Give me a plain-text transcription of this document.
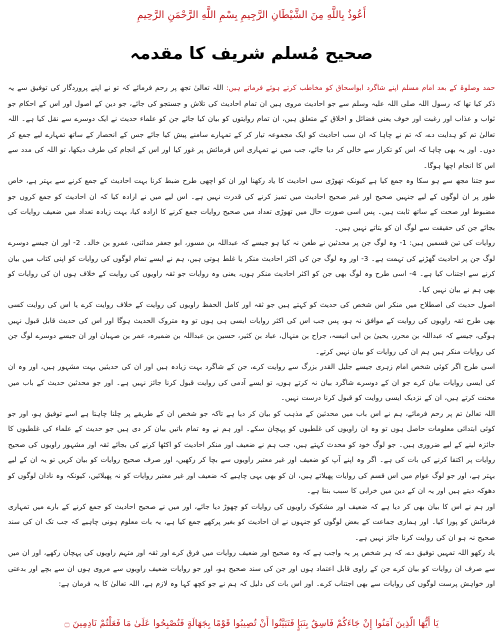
أَعُوذُ بِاللَّهِ مِنَ الشَّيْطَانِ الرَّجِيمِ بِسْمِ اللَّهِ الرَّحْمَنِ الرَّحِيمِ
صحیح مُسلم شریف کا مقدمہ

حمد وصلوۃ کے بعد امام مسلم اپنے شاگرد ابواسحاق کو مخاطب کرتے ہوئے فرماتے ہیں: اللہ تعالیٰ تجھ پر رحم فرمائے کہ تو نے اپنے پروردگار کی توفیق سے یہ ذکر کیا تھا کہ رسول اللہ صلی اللہ علیہ وسلم سے جو احادیث مروی ہیں ان تمام احادیث کی تلاش و جستجو کی جائے، جو دین کے اصول اور اس کے احکام جو ثواب و عذاب اور رغبت اور خوف یعنی فضائل و اخلاق کے متعلق ہیں، ان تمام روایتوں کو بیان کیا جائے جن کو علماء حدیث نے ایک دوسرے سے نقل کیا ہے۔ اللہ تعالیٰ تم کو ہدایت دے، کہ تم نے چاہا کہ ان سب احادیث کو ایک مجموعہ تیار کر کے تمہارے سامنے پیش کیا جائے جس کے انحصار کے ساتھ تمہارے لیے جمع کر دوں۔ اور یہ بھی چاہا کہ اس کو تکرار سے خالی کر دیا جائے، جب میں نے تمہاری اس فرمائش پر غور کیا اور اس کے انجام کی طرف دیکھا، تو اللہ کی مدد سے اس کا انجام اچھا ہوگا۔

سو جتنا مجھ سے ہو سکا وہ جمع کیا ہے کیونکہ تھوڑی سی احادیث کا یاد رکھنا اور ان کو اچھی طرح ضبط کرنا بہت احادیث کے جمع کرنے سے بہتر ہے، خاص طور پر ان لوگوں کے لیے جنہیں صحیح اور غیر صحیح احادیث میں تمیز کرنے کی قدرت نہیں ہے۔ اس لیے میں نے ارادہ کیا کہ ان احادیث کو جمع کروں جو مضبوط اور صحت کے ساتھ ثابت ہیں۔ پس اسی صورت حال میں تھوڑی تعداد میں صحیح روایات جمع کرنے کا ارادہ کیا، بہت زیادہ تعداد میں ضعیف روایات کی بجائے جن کی حقیقت سے لوگ ان کو بتاتے نہیں ہیں۔

روایات کی تین قسمیں ہیں: 1- وہ لوگ جن پر محدثین نے طعن نہ کیا ہو جیسے کہ عبداللہ بن مسور، ابو جعفر مدائنی، عمرو بن خالد۔ 2- اور ان جیسے دوسرے لوگ جن پر احادیث گھڑنے کی تہمت ہے۔ 3- اور وہ لوگ جن کی اکثر احادیث منکر یا غلط ہوتی ہیں، ہم نے ایسے تمام لوگوں کی روایات کو اپنی کتاب میں بیان کرنے سے اجتناب کیا ہے۔ 4- اسی طرح وہ لوگ بھی جن کو اکثر احادیث منکر ہوں، یعنی وہ روایات جو ثقہ راویوں کی روایت کے خلاف ہوں ان کی روایات کو بھی ہم نے بیان نہیں کیا۔

اصول حدیث کی اصطلاح میں منکر اس شخص کی حدیث کو کہتے ہیں جو ثقہ اور کامل الحفظ راویوں کی روایت کے خلاف روایت کرے یا اس کی روایت کسی بھی طرح ثقہ راویوں کی روایت کے موافق نہ ہو، پس جب اس کی اکثر روایات ایسی ہی ہوں تو وہ متروک الحدیث ہوگا اور اس کی حدیث قابل قبول نہیں ہوگی، جیسے کہ عبداللہ بن محرر، یحییٰ بن ابی انیسہ، جراح بن منہال، عباد بن کثیر، حسین بن عبداللہ بن ضمیرہ، عمر بن صہبان اور ان جیسے دوسرے لوگ جن کی روایات منکر ہیں ہم ان کی روایات کو بیان نہیں کرتے۔

اسی طرح اگر کوئی شخص امام زہری جیسے جلیل القدر بزرگ سے روایت کرے، جن کے شاگرد بہت زیادہ ہیں اور ان کی حدیثیں بہت مشہور ہیں، اور وہ ان کی ایسی روایات بیان کرے جو ان کے دوسرے شاگرد بیان نہ کرتے ہوں، تو ایسے آدمی کی روایت قبول کرنا جائز نہیں ہے۔ اور جو محدثین حدیث کے باب میں محنت کرتے ہیں، ان کے نزدیک ایسی روایت کو قبول کرنا درست نہیں۔

اللہ تعالیٰ تم پر رحم فرمائے، ہم نے اس باب میں محدثین کے مذہب کو بیان کر دیا ہے تاکہ جو شخص ان کے طریقے پر چلنا چاہتا ہے اسے توفیق ہو، اور جو کوئی ابتدائی معلومات حاصل ہوں تو وہ ان راویوں کی غلطیوں کو پہچان سکے۔ اور ہم نے وہ تمام باتیں بیان کر دی ہیں جو حدیث کے علماء کی غلطیوں کا جائزہ لینے کے لیے ضروری ہیں۔ جو لوگ خود کو محدث کہتے ہیں، جب ہم نے ضعیف اور منکر احادیث کو اکٹھا کرنے کی بجائے ثقہ اور مشہور راویوں کی صحیح روایات پر اکتفا کرنے کی بات کی ہے۔ اگر وہ اپنے آپ کو ضعیف اور غیر معتبر راویوں سے بچا کر رکھیں، اور صرف صحیح روایات کو بیان کریں تو یہ ان کے لیے بہتر ہے، اور جو لوگ عوام میں اس قسم کی روایات پھیلاتے ہیں، ان کو بھی یہی چاہیے کہ ضعیف اور غیر معتبر روایات کو نہ پھیلائیں، کیونکہ وہ نادان لوگوں کو دھوکہ دیتے ہیں اور یہ ان کے دین میں خرابی کا سبب بنتا ہے۔

اور ہم نے اس کا بیان بھی کر دیا ہے کہ ضعیف اور مشکوک راویوں کی روایات کو چھوڑ دیا جائے، اور میں نے صحیح احادیث کو جمع کرنے کے بارے میں تمہاری فرمائش کو پورا کیا۔ اور ہماری جماعت کے بعض لوگوں کو جنہوں نے ان احادیث کو بغیر پرکھے جمع کیا ہے، یہ بات معلوم ہونی چاہیے کہ جب تک ان کی سند صحیح نہ ہو ان کی روایت کرنا جائز نہیں ہے۔

یاد رکھو اللہ تمہیں توفیق دے، کہ ہر شخص پر یہ واجب ہے کہ وہ صحیح اور ضعیف روایات میں فرق کرے اور ثقہ اور متہم راویوں کی پہچان رکھے، اور ان میں سے صرف ان روایات کو بیان کرے جن کے راوی قابل اعتماد ہوں اور جن کی سند صحیح ہو، اور جو روایات ضعیف راویوں سے مروی ہوں ان سے بچے اور بدعتی اور خواہش پرست لوگوں کی روایات سے بھی اجتناب کرے۔ اور اس بات کی دلیل کہ ہم نے جو کچھ کہا وہ لازم ہے، اللہ تعالیٰ کا یہ فرمان ہے:

يَا أَيُّهَا الَّذِينَ آمَنُوا إِنْ جَاءَكُمْ فَاسِقٌ بِنَبَإٍ فَتَبَيَّنُوا أَنْ تُصِيبُوا قَوْمًا بِجَهَالَةٍ فَتُصْبِحُوا عَلَىٰ مَا فَعَلْتُمْ نَادِمِينَ ۝
